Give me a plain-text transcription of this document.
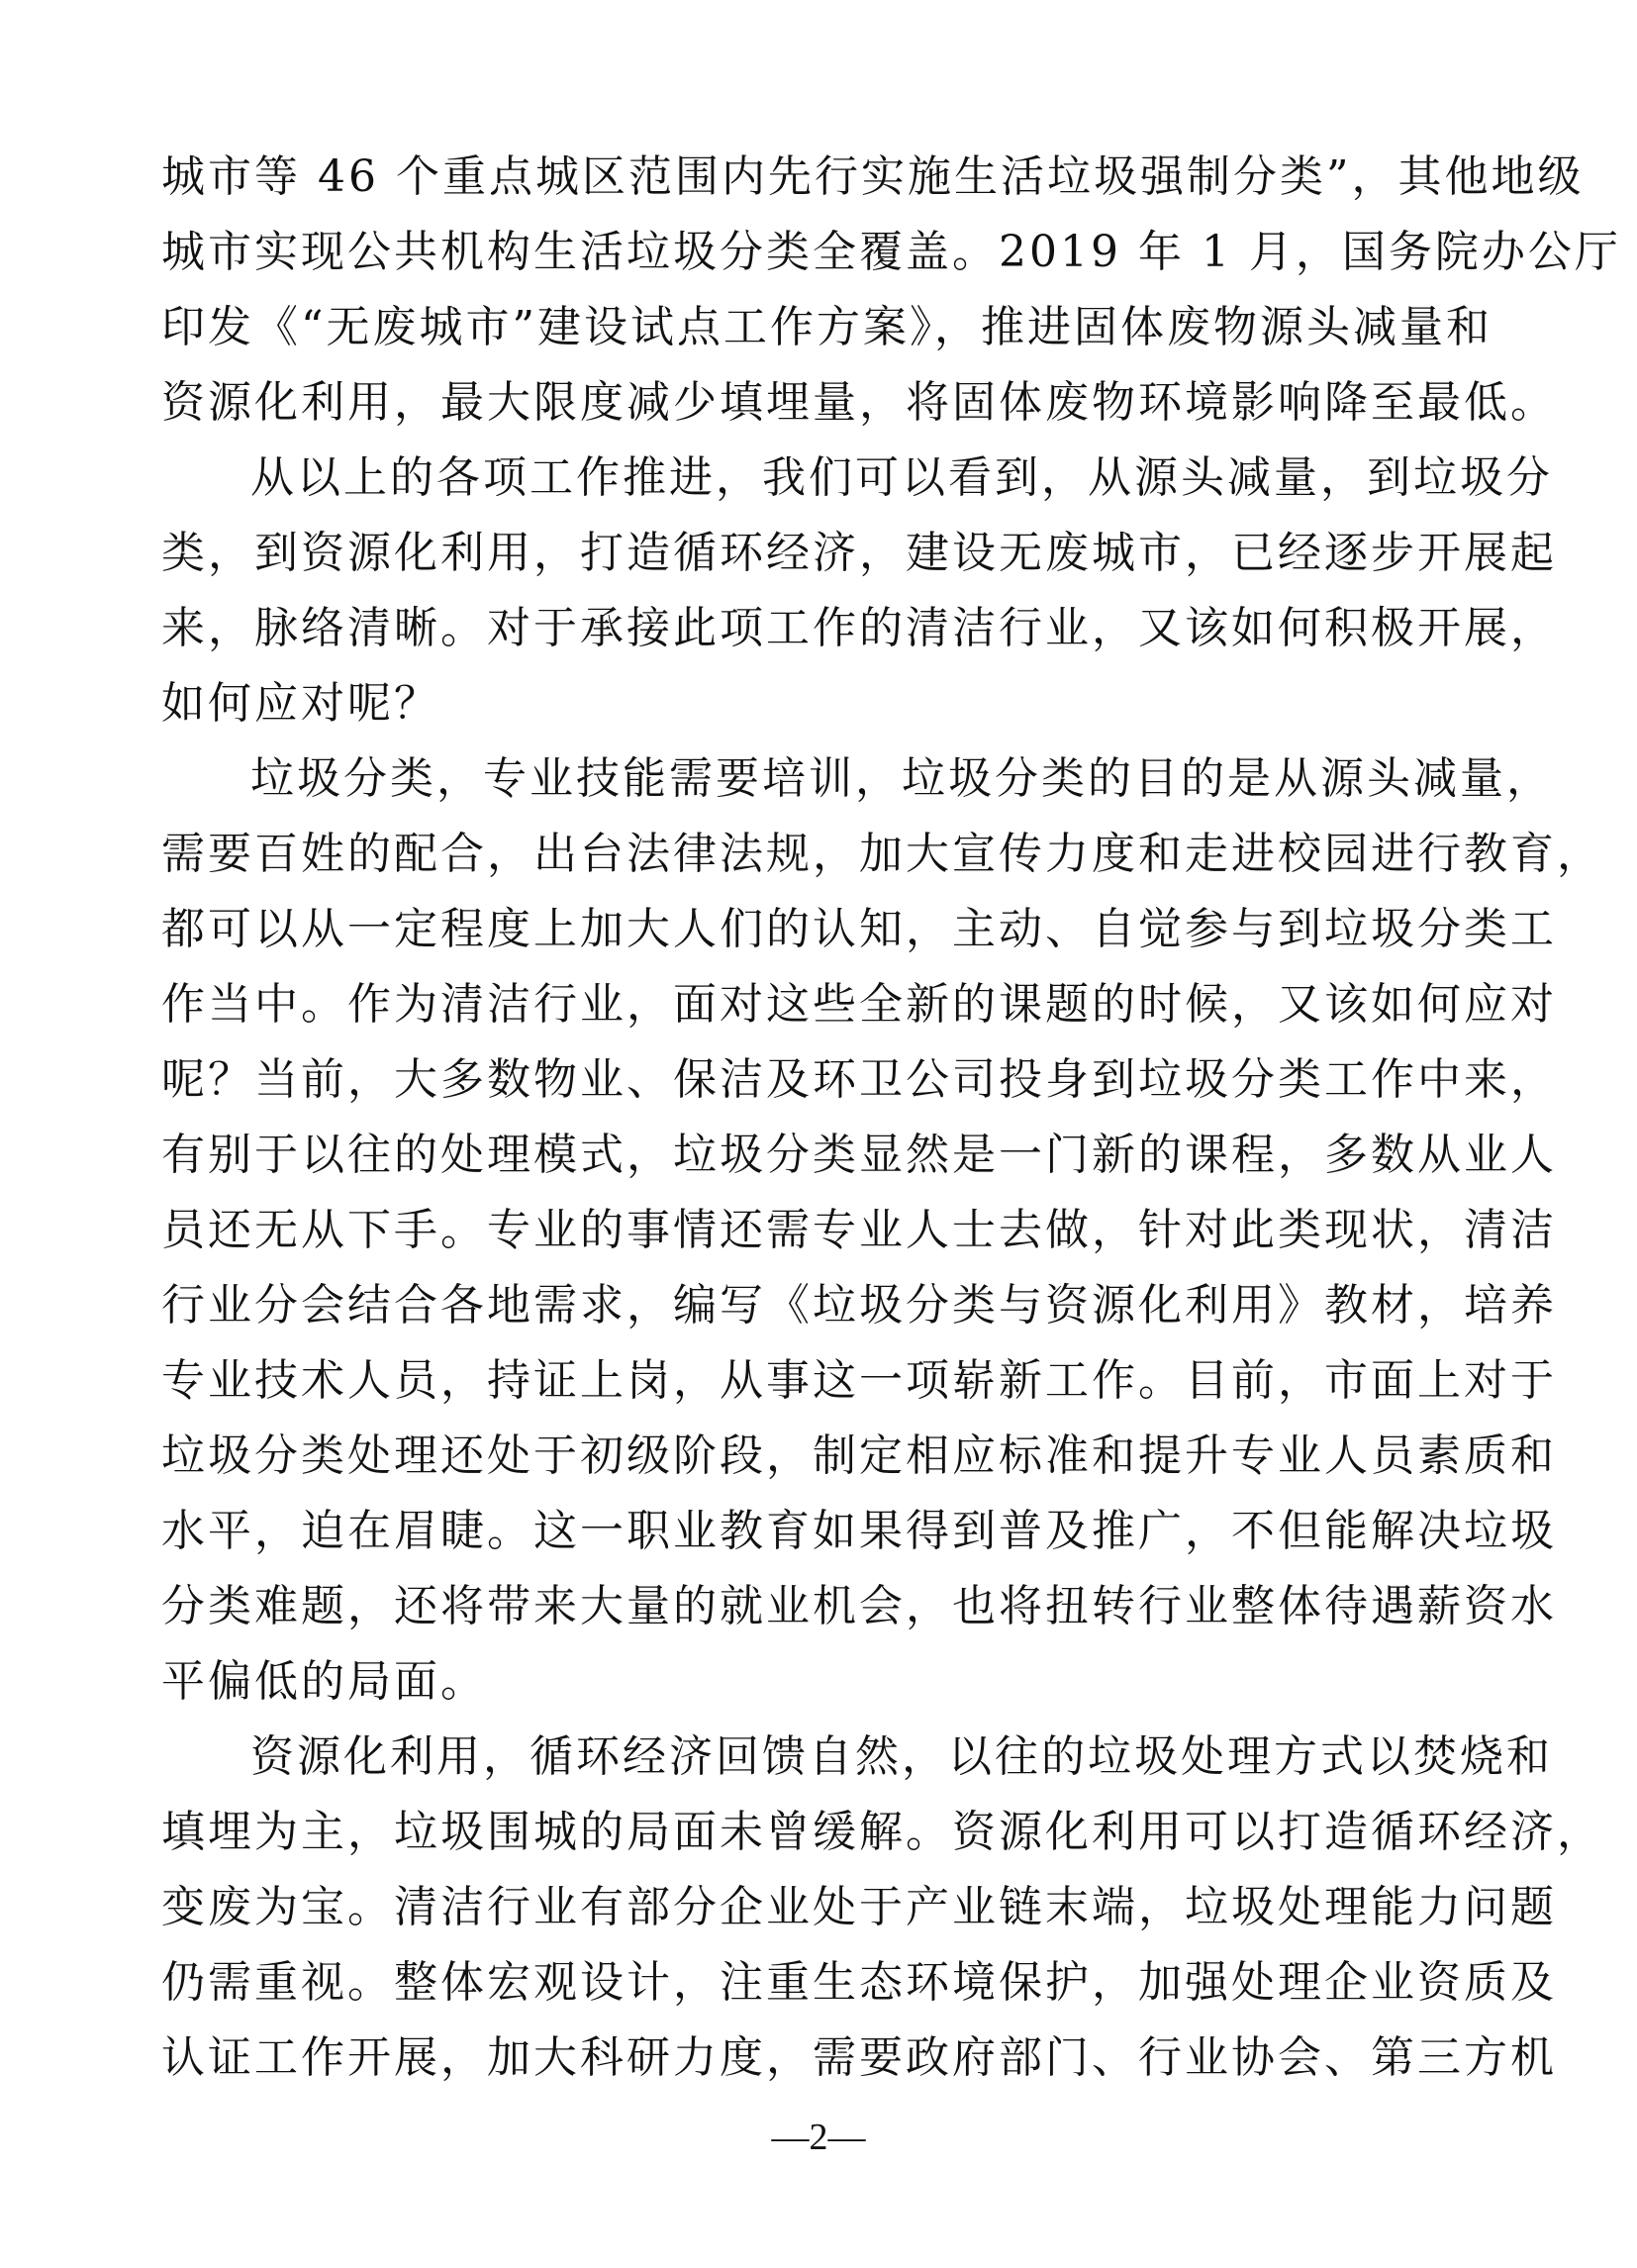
城市等 46 个重点城区范围内先行实施生活垃圾强制分类”，其他地级
城市实现公共机构生活垃圾分类全覆盖。2019 年 1 月，国务院办公厅
印发《“无废城市”建设试点工作方案》，推进固体废物源头减量和
资源化利用，最大限度减少填埋量，将固体废物环境影响降至最低。
从以上的各项工作推进，我们可以看到，从源头减量，到垃圾分
类，到资源化利用，打造循环经济，建设无废城市，已经逐步开展起
来，脉络清晰。对于承接此项工作的清洁行业，又该如何积极开展，
如何应对呢？
垃圾分类，专业技能需要培训，垃圾分类的目的是从源头减量，
需要百姓的配合，出台法律法规，加大宣传力度和走进校园进行教育，
都可以从一定程度上加大人们的认知，主动、自觉参与到垃圾分类工
作当中。作为清洁行业，面对这些全新的课题的时候，又该如何应对
呢？当前，大多数物业、保洁及环卫公司投身到垃圾分类工作中来，
有别于以往的处理模式，垃圾分类显然是一门新的课程，多数从业人
员还无从下手。专业的事情还需专业人士去做，针对此类现状，清洁
行业分会结合各地需求，编写《垃圾分类与资源化利用》教材，培养
专业技术人员，持证上岗，从事这一项崭新工作。目前，市面上对于
垃圾分类处理还处于初级阶段，制定相应标准和提升专业人员素质和
水平，迫在眉睫。这一职业教育如果得到普及推广，不但能解决垃圾
分类难题，还将带来大量的就业机会，也将扭转行业整体待遇薪资水
平偏低的局面。
资源化利用，循环经济回馈自然，以往的垃圾处理方式以焚烧和
填埋为主，垃圾围城的局面未曾缓解。资源化利用可以打造循环经济，
变废为宝。清洁行业有部分企业处于产业链末端，垃圾处理能力问题
仍需重视。整体宏观设计，注重生态环境保护，加强处理企业资质及
认证工作开展，加大科研力度，需要政府部门、行业协会、第三方机
—2—
